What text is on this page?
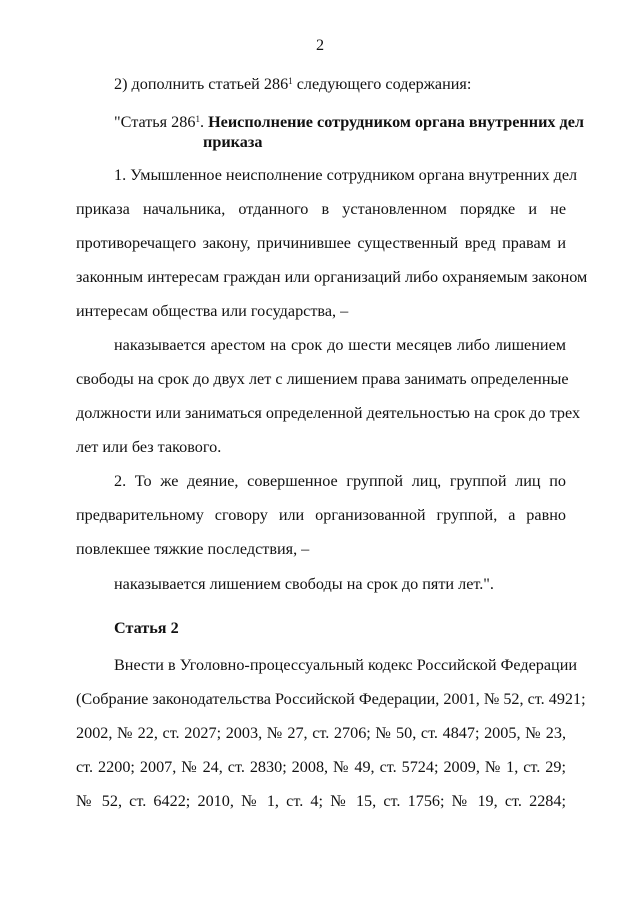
2
2) дополнить статьей $286^1$ следующего содержания:
"Статья $286^1$. Неисполнение сотрудником органа внутренних дел
приказа
1. Умышленное неисполнение сотрудником органа внутренних дел
приказа начальника, отданного в установленном порядке и не
противоречащего закону, причинившее существенный вред правам и
законным интересам граждан или организаций либо охраняемым законом
интересам общества или государства, –
наказывается арестом на срок до шести месяцев либо лишением
свободы на срок до двух лет с лишением права занимать определенные
должности или заниматься определенной деятельностью на срок до трех
лет или без такового.
2. То же деяние, совершенное группой лиц, группой лиц по
предварительному сговору или организованной группой, а равно
повлекшее тяжкие последствия, –
наказывается лишением свободы на срок до пяти лет.".
Статья 2
Внести в Уголовно-процессуальный кодекс Российской Федерации
(Собрание законодательства Российской Федерации, 2001, № 52, ст. 4921;
2002, № 22, ст. 2027; 2003, № 27, ст. 2706; № 50, ст. 4847; 2005, № 23,
ст. 2200; 2007, № 24, ст. 2830; 2008, № 49, ст. 5724; 2009, № 1, ст. 29;
№ 52, ст. 6422; 2010, № 1, ст. 4; № 15, ст. 1756; № 19, ст. 2284;
